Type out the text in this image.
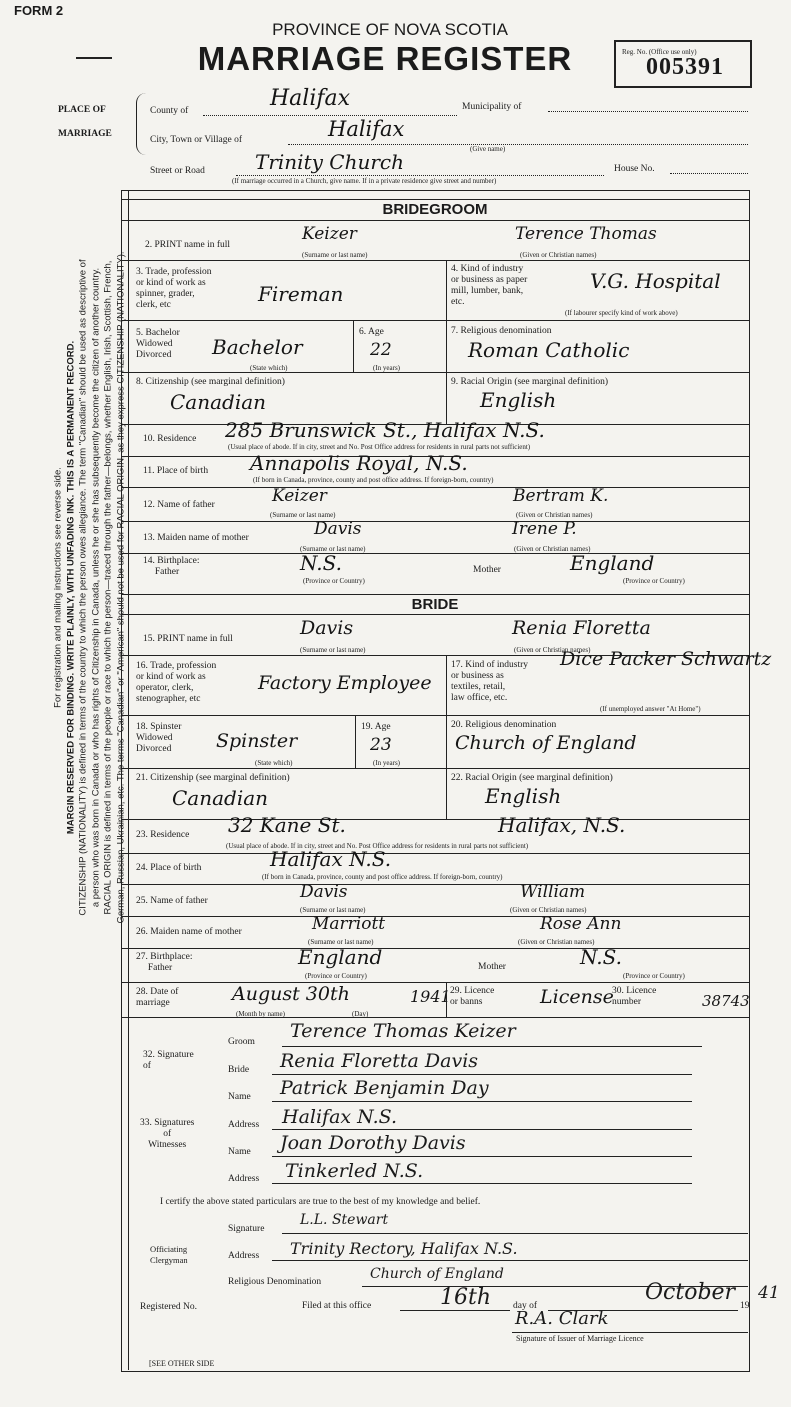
For registration and mailing instructions see reverse side. MARGIN RESERVED FOR BINDING. WRITE PLAINLY, WITH UNFADING INK. THIS IS A PERMANENT RECORD. CITIZENSHIP (NATIONALITY) is defined in terms of the country to which the person owes allegiance. The term "Canadian" should be used as descriptive of a person who was born in Canada or who has rights of Citizenship in Canada, unless he or she has subsequently become the citizen of another country. RACIAL ORIGIN is defined in terms of the people or race to which the person—traced through the father—belongs, whether English, Irish, Scottish, French, German, Russian, Ukrainian, etc. The terms "Canadian" or "American" should not be used for RACIAL ORIGIN, as they express CITIZENSHIP (NATIONALITY).
FORM 2
PROVINCE OF NOVA SCOTIA
MARRIAGE REGISTER	Reg. No. (Office use only)
005391
PLACE OF
MARRIAGE
County of	Halifax	Municipality of
City, Town or Village of	Halifax
(Give name)
Street or Road	Trinity Church	House No.
(If marriage occurred in a Church, give name. If in a private residence give street and number)
BRIDEGROOM
2. PRINT name in full
Keizer	Terence Thomas
(Surname or last name)	(Given or Christian names)
3. Trade, profession
or kind of work as
spinner, grader,
clerk, etc	Fireman
4. Kind of industry
or business as paper
mill, lumber, bank,
etc.
V.G. Hospital
(If labourer specify kind of work above)
5. Bachelor
Widowed
Divorced	Bachelor
(State which)
6. Age
22
(In years)
7. Religious denomination
Roman Catholic
8. Citizenship (see marginal definition)
Canadian
9. Racial Origin (see marginal definition)
English
10. Residence 285 Brunswick St., Halifax N.S.
(Usual place of abode. If in city, street and No. Post Office address for residents in rural parts not sufficient)
11. Place of birth Annapolis Royal, N.S.
(If born in Canada, province, county and post office address. If foreign-born, country)
12. Name of father	Keizer	Bertram K.
(Surname or last name)	(Given or Christian names)
13. Maiden name of mother	Davis	Irene P.
(Surname or last name)	(Given or Christian names)
14. Birthplace:
Father	N.S.
(Province or Country)
Mother	England
(Province or Country)
BRIDE
15. PRINT name in full	Davis	Renia Floretta
(Surname or last name)	(Given or Christian names)
16. Trade, profession
or kind of work as
operator, clerk,
stenographer, etc
Factory Employee
17. Kind of industry
or business as
textiles, retail,
law office, etc.
Dice Packer Schwartz
(If unemployed answer "At Home")
18. Spinster
Widowed
Divorced	Spinster
(State which)
19. Age
23
(In years)
20. Religious denomination
Church of England
21. Citizenship (see marginal definition)
Canadian
22. Racial Origin (see marginal definition)
English
23. Residence 32 Kane St.	Halifax, N.S.
(Usual place of abode. If in city, street and No. Post Office address for residents in rural parts not sufficient)
24. Place of birth	Halifax N.S.
(If born in Canada, province, county and post office address. If foreign-born, country)
25. Name of father	Davis	William
(Surname or last name)	(Given or Christian names)
26. Maiden name of mother	Marriott	Rose Ann
(Surname or last name)	(Given or Christian names)
27. Birthplace:
Father	England
(Province or Country)
Mother	N.S.
(Province or Country)
28. Date of
marriage	August 30th	1941
(Month by name)	(Day)
29. Licence
or banns	License
30. Licence
number	38743
32. Signature
of
Groom Terence Thomas Keizer
Bride Renia Floretta Davis
33. Signatures
of
Witnesses
Name Patrick Benjamin Day
Address Halifax N.S.
Name Joan Dorothy Davis
Address Tinkerled N.S.
I certify the above stated particulars are true to the best of my knowledge and belief.
Signature
L.L. Stewart
Officiating
Clergyman	Address Trinity Rectory, Halifax N.S.
Religious Denomination	Church of England
Registered No.	Filed at this office	16th day of
October
19
41
R.A. Clark
Signature of Issuer of Marriage Licence
[SEE OTHER SIDE
